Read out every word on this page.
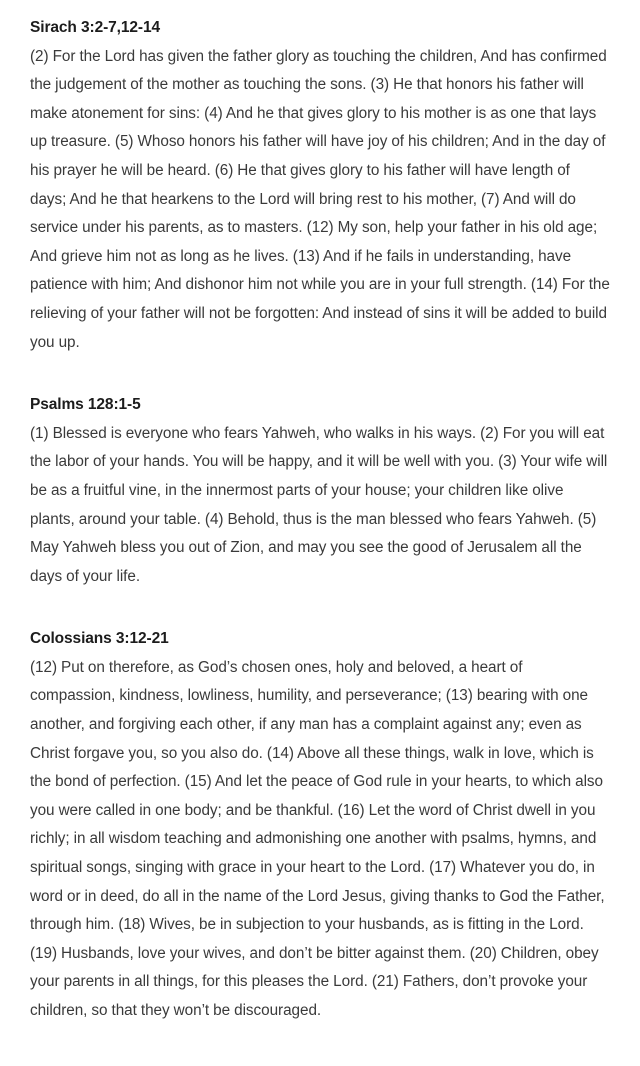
Sirach 3:2-7,12-14

(2) For the Lord has given the father glory as touching the children, And has confirmed the judgement of the mother as touching the sons. (3) He that honors his father will make atonement for sins: (4) And he that gives glory to his mother is as one that lays up treasure. (5) Whoso honors his father will have joy of his children; And in the day of his prayer he will be heard. (6) He that gives glory to his father will have length of days; And he that hearkens to the Lord will bring rest to his mother, (7) And will do service under his parents, as to masters. (12) My son, help your father in his old age; And grieve him not as long as he lives. (13) And if he fails in understanding, have patience with him; And dishonor him not while you are in your full strength. (14) For the relieving of your father will not be forgotten: And instead of sins it will be added to build you up.

Psalms 128:1-5

(1) Blessed is everyone who fears Yahweh, who walks in his ways. (2) For you will eat the labor of your hands. You will be happy, and it will be well with you. (3) Your wife will be as a fruitful vine, in the innermost parts of your house; your children like olive plants, around your table. (4) Behold, thus is the man blessed who fears Yahweh. (5) May Yahweh bless you out of Zion, and may you see the good of Jerusalem all the days of your life.

Colossians 3:12-21

(12) Put on therefore, as God’s chosen ones, holy and beloved, a heart of compassion, kindness, lowliness, humility, and perseverance; (13) bearing with one another, and forgiving each other, if any man has a complaint against any; even as Christ forgave you, so you also do. (14) Above all these things, walk in love, which is the bond of perfection. (15) And let the peace of God rule in your hearts, to which also you were called in one body; and be thankful. (16) Let the word of Christ dwell in you richly; in all wisdom teaching and admonishing one another with psalms, hymns, and spiritual songs, singing with grace in your heart to the Lord. (17) Whatever you do, in word or in deed, do all in the name of the Lord Jesus, giving thanks to God the Father, through him. (18) Wives, be in subjection to your husbands, as is fitting in the Lord. (19) Husbands, love your wives, and don’t be bitter against them. (20) Children, obey your parents in all things, for this pleases the Lord. (21) Fathers, don’t provoke your children, so that they won’t be discouraged.
